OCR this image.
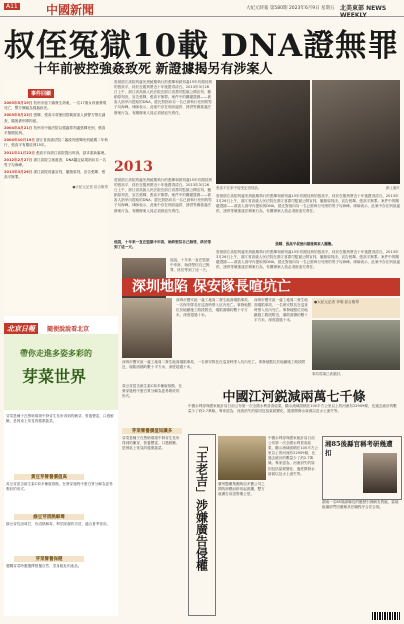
A11 中國新聞	大紀元時報 第580期 2023年6月9日 星期五 北美東部 NEWS WEEKLY
叔侄冤獄10載 DNA證無罪
十年前被控強姦致死 新證據揭另有涉案人
事件回顧
2003年5月19日 杭州市留下鎮發生命案，一名17歲女孩被發現死亡，警方懷疑為強姦致死。
2003年5月23日 張輝、張高平叔侄因搭載被害人被警方帶走調查，隨後被刑事拘留。
2004年4月21日 杭州市中級法院以強姦罪判處張輝死刑，張高平無期徒刑。
2004年10月19日 浙江省高級法院二審改判張輝死刑緩期二年執行，張高平有期徒刑15年。
2011年11月22日 張高平向浙江高院提出申訴，請求重新審理。
2012年2月27日 浙江高院立案複查，DNA鑑定結果指向另一名男子勾海峰。
2013年3月26日 浙江高院再審宣判，撤銷原判，宣告張輝、張高平無罪。
●大紀元記者 綜合報導
曾被浙江高院判處死刑緩期執行的張輝和被判處15年有期徒刑的張高平，終於在服刑將近十年後獲得清白。2013年3月26日上午，浙江省高級人民法院在浙江省喬司監獄公開宣判，撤銷原判決，宣告張輝、張高平無罪。案件中的關鍵證據——被害人指甲內提取的DNA，經比對指向另一名已被執行死刑的男子勾海峰。律師表示，此案中存在刑訊逼供、誘供等嚴重違法辦案行為，有關辦案人員必須被追究責任。
2013
曾被浙江高院判處死刑緩期執行的張輝和被判處15年有期徒刑的張高平，終於在服刑將近十年後獲得清白。2013年3月26日上午，浙江省高級人民法院在浙江省喬司監獄公開宣判，撤銷原判決，宣告張輝、張高平無罪。案件中的關鍵證據——被害人指甲內提取的DNA，經比對指向另一名已被執行死刑的男子勾海峰。律師表示，此案中存在刑訊逼供、誘供等嚴重違法辦案行為，有關辦案人員必須被追究責任。
他說，十年來一直在監獄中申訴，始終堅信自己無罪，終於等到了這一天。
他說，十年來一直在監獄中申訴，始終堅信自己無罪，終於等到了這一天。
張高平在家中接受記者採訪。	網上圖片
曾被浙江高院判處死刑緩期執行的張輝和被判處15年有期徒刑的張高平，終於在服刑將近十年後獲得清白。2013年3月26日上午，浙江省高級人民法院在浙江省喬司監獄公開宣判，撤銷原判決，宣告張輝、張高平無罪。案件中的關鍵證據——被害人指甲內提取的DNA，經比對指向另一名已被執行死刑的男子勾海峰。律師表示，此案中存在刑訊逼供、誘供等嚴重違法辦案行為，有關辦案人員必須被追究責任。
張輝、張高平叔侄出獄後與家人團聚。
曾被浙江高院判處死刑緩期執行的張輝和被判處15年有期徒刑的張高平，終於在服刑將近十年後獲得清白。2013年3月26日上午，浙江省高級人民法院在浙江省喬司監獄公開宣判，撤銷原判決，宣告張輝、張高平無罪。案件中的關鍵證據——被害人指甲內提取的DNA，經比對指向另一名已被執行死刑的男子勾海峰。律師表示，此案中存在刑訊逼供、誘供等嚴重違法辦案行為，有關辦案人員必須被追究責任。
深圳地陷 保安隊長喧坑亡
深圳市寶安區一處工地周二發生地面塌陷事故，一名保安隊長在巡查時墜入坑內死亡。事發地點位於地鐵施工路段附近，塌陷面積約數十平方米，深度超過十米。
深圳市寶安區一處工地周二發生地面塌陷事故，一名保安隊長在巡查時墜入坑內死亡。事發地點位於地鐵施工路段附近，塌陷面積約數十平方米，深度超過十米。
●大紀元記者 李明 綜合報導
事故現場已被圍封。
深圳市寶安區一處工地周二發生地面塌陷事故，一名保安隊長在巡查時墜入坑內死亡。事發地點位於地鐵施工路段附近，塌陷面積約數十平方米，深度超過十米。
北京日報 隨便說說看北京
帶你走進多姿多彩的
芽菜世界
芽菜是種子在黑暗環境中發芽生長所得到的嫩芽，營養豐富，口感鮮嫩，是餐桌上常見的健康蔬菜。
黃豆芽營養價值高
黃豆芽富含維生素C和多種胺基酸，在發芽過程中蛋白質分解為更易吸收的形式。
綠豆芽清熱解毒
綠豆芽性涼味甘，有清熱解毒、利尿除濕的功效，適合夏季食用。
芽菜營養保健
選購芽菜時應選擇根鬚自然、莖身粗壯的產品。
黃豆芽富含維生素C和多種胺基酸，在發芽過程中蛋白質分解為更易吸收的形式。
芽菜營養價值知識多
芽菜是種子在黑暗環境中發芽生長所得到的嫩芽，營養豐富，口感鮮嫩，是餐桌上常見的健康蔬菜。
中國江河鋭減兩萬七千條
中國水利部與國家統計局日前公布第一次全國水利普查結果，顯示流域面積在100平方公里以上的河流有22909條，比過去統計的數量少了約2.7萬條。專家認為，河流消失的原因包括氣候變化、過度開發水資源以及水土流失等。
「王老吉」涉嫌廣告侵權	廣州醫藥集團與加多寶公司之間的商標糾紛再起波瀾，雙方就廣告用語對簿公堂。
中國水利部與國家統計局日前公布第一次全國水利普查結果，顯示流域面積在100平方公里以上的河流有22909條，比過去統計的數量少了約2.7萬條。專家認為，河流消失的原因包括氣候變化、過度開發水資源以及水土流失等。
湘85後縣官稱考研幾遭扣
湖南一名85後副縣長的履歷引發網友質疑，當地組織部門回應稱其任職程序合法合規。
